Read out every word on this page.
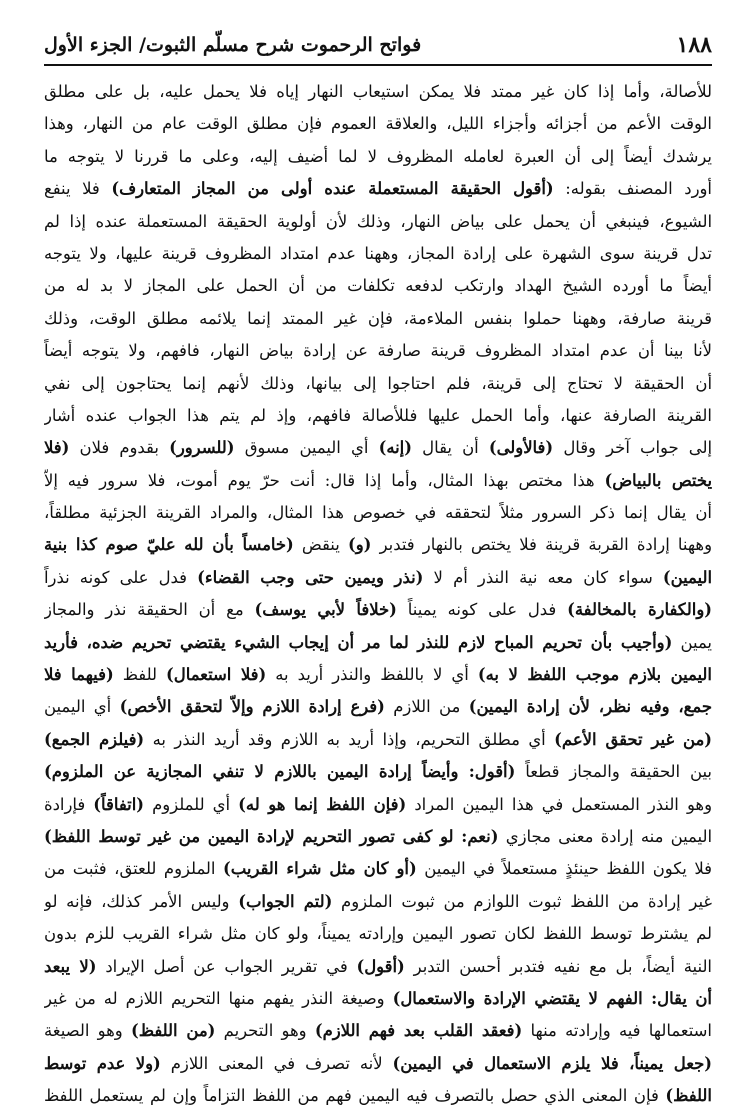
١٨٨
فواتح الرحموت شرح مسلّم الثبوت/ الجزء الأول
للأصالة، وأما إذا كان غير ممتد فلا يمكن استيعاب النهار إياه فلا يحمل عليه، بل على مطلق
الوقت الأعم من أجزائه وأجزاء الليل، والعلاقة العموم فإن مطلق الوقت عام من النهار، وهذا
يرشدك أيضاً إلى أن العبرة لعامله المظروف لا لما أضيف إليه، وعلى ما قررنا لا يتوجه ما
أورد المصنف بقوله: (أقول الحقيقة المستعملة عنده أولى من المجاز المتعارف) فلا ينفع
الشيوع، فينبغي أن يحمل على بياض النهار، وذلك لأن أولوية الحقيقة المستعملة عنده إذا لم
تدل قرينة سوى الشهرة على إرادة المجاز، وههنا عدم امتداد المظروف قرينة عليها، ولا يتوجه
أيضاً ما أورده الشيخ الهداد وارتكب لدفعه تكلفات من أن الحمل على المجاز لا بد له من
قرينة صارفة، وههنا حملوا بنفس الملاءمة، فإن غير الممتد إنما يلائمه مطلق الوقت، وذلك
لأنا بينا أن عدم امتداد المظروف قرينة صارفة عن إرادة بياض النهار، فافهم، ولا يتوجه أيضاً
أن الحقيقة لا تحتاج إلى قرينة، فلم احتاجوا إلى بيانها، وذلك لأنهم إنما يحتاجون إلى نفي
القرينة الصارفة عنها، وأما الحمل عليها فللأصالة فافهم، وإذ لم يتم هذا الجواب عنده أشار
إلى جواب آخر وقال (فالأولى) أن يقال (إنه) أي اليمين مسوق (للسرور) بقدوم فلان (فلا
يختص بالبياض) هذا مختص بهذا المثال، وأما إذا قال: أنت حرّ يوم أموت، فلا سرور فيه إلاّ
أن يقال إنما ذكر السرور مثلاً لتحققه في خصوص هذا المثال، والمراد القرينة الجزئية مطلقاً،
وههنا إرادة القربة قرينة فلا يختص بالنهار فتدبر (و) ينقض (خامساً بأن لله عليّ صوم كذا بنية
اليمين) سواء كان معه نية النذر أم لا (نذر ويمين حتى وجب القضاء) فدل على كونه نذراً
(والكفارة بالمخالفة) فدل على كونه يميناً (خلافاً لأبي يوسف) مع أن الحقيقة نذر والمجاز
يمين (وأجيب بأن تحريم المباح لازم للنذر لما مر أن إيجاب الشيء يقتضي تحريم ضده، فأريد
اليمين بلازم موجب اللفظ لا به) أي لا باللفظ والنذر أريد به (فلا استعمال) للفظ (فيهما فلا
جمع، وفيه نظر، لأن إرادة اليمين) من اللازم (فرع إرادة اللازم وإلاّ لتحقق الأخص) أي اليمين
(من غير تحقق الأعم) أي مطلق التحريم، وإذا أريد به اللازم وقد أريد النذر به (فيلزم الجمع)
بين الحقيقة والمجاز قطعاً (أقول: وأيضاً إرادة اليمين باللازم لا تنفي المجازية عن الملزوم)
وهو النذر المستعمل في هذا اليمين المراد (فإن اللفظ إنما هو له) أي للملزوم (اتفاقاً) فإرادة
اليمين منه إرادة معنى مجازي (نعم: لو كفى تصور التحريم لإرادة اليمين من غير توسط اللفظ)
فلا يكون اللفظ حينئذٍ مستعملاً في اليمين (أو كان مثل شراء القريب) الملزوم للعتق، فثبت من
غير إرادة من اللفظ ثبوت اللوازم من ثبوت الملزوم (لتم الجواب) وليس الأمر كذلك، فإنه لو
لم يشترط توسط اللفظ لكان تصور اليمين وإرادته يميناً، ولو كان مثل شراء القريب للزم بدون
النية أيضاً، بل مع نفيه فتدبر أحسن التدبر (أقول) في تقرير الجواب عن أصل الإيراد (لا يبعد
أن يقال: الفهم لا يقتضي الإرادة والاستعمال) وصيغة النذر يفهم منها التحريم اللازم له من غير
استعمالها فيه وإرادته منها (فعقد القلب بعد فهم اللازم) وهو التحريم (من اللفظ) وهو الصيغة
(جعل يميناً، فلا يلزم الاستعمال في اليمين) لأنه تصرف في المعنى اللازم (ولا عدم توسط
اللفظ) فإن المعنى الذي حصل بالتصرف فيه اليمين فهم من اللفظ التزاماً وإن لم يستعمل اللفظ
